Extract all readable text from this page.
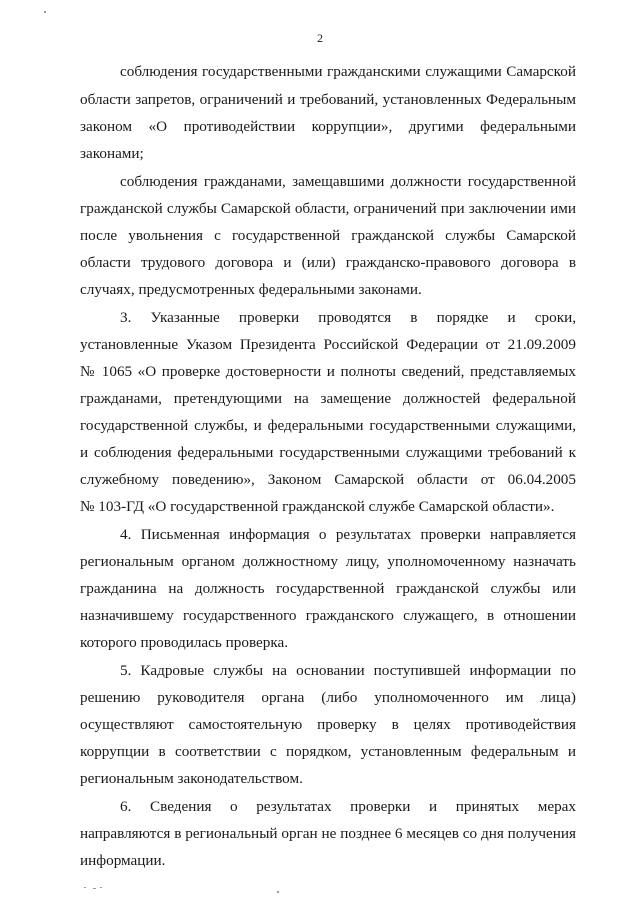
2
соблюдения государственными гражданскими служащими Самарской
области запретов, ограничений и требований, установленных Федеральным
законом «О противодействии коррупции», другими федеральными
законами;
соблюдения гражданами, замещавшими должности государственной
гражданской службы Самарской области, ограничений при заключении ими
после увольнения с государственной гражданской службы Самарской
области трудового договора и (или) гражданско-правового договора в
случаях, предусмотренных федеральными законами.
3. Указанные проверки проводятся в порядке и сроки,
установленные Указом Президента Российской Федерации от 21.09.2009
№ 1065 «О проверке достоверности и полноты сведений, представляемых
гражданами, претендующими на замещение должностей федеральной
государственной службы, и федеральными государственными служащими,
и соблюдения федеральными государственными служащими требований к
служебному поведению», Законом Самарской области от 06.04.2005
№ 103-ГД «О государственной гражданской службе Самарской области».
4. Письменная информация о результатах проверки направляется
региональным органом должностному лицу, уполномоченному назначать
гражданина на должность государственной гражданской службы или
назначившему государственного гражданского служащего, в отношении
которого проводилась проверка.
5. Кадровые службы на основании поступившей информации по
решению руководителя органа (либо уполномоченного им лица)
осуществляют самостоятельную проверку в целях противодействия
коррупции в соответствии с порядком, установленным федеральным и
региональным законодательством.
6. Сведения о результатах проверки и принятых мерах
направляются в региональный орган не позднее 6 месяцев со дня получения
информации.
